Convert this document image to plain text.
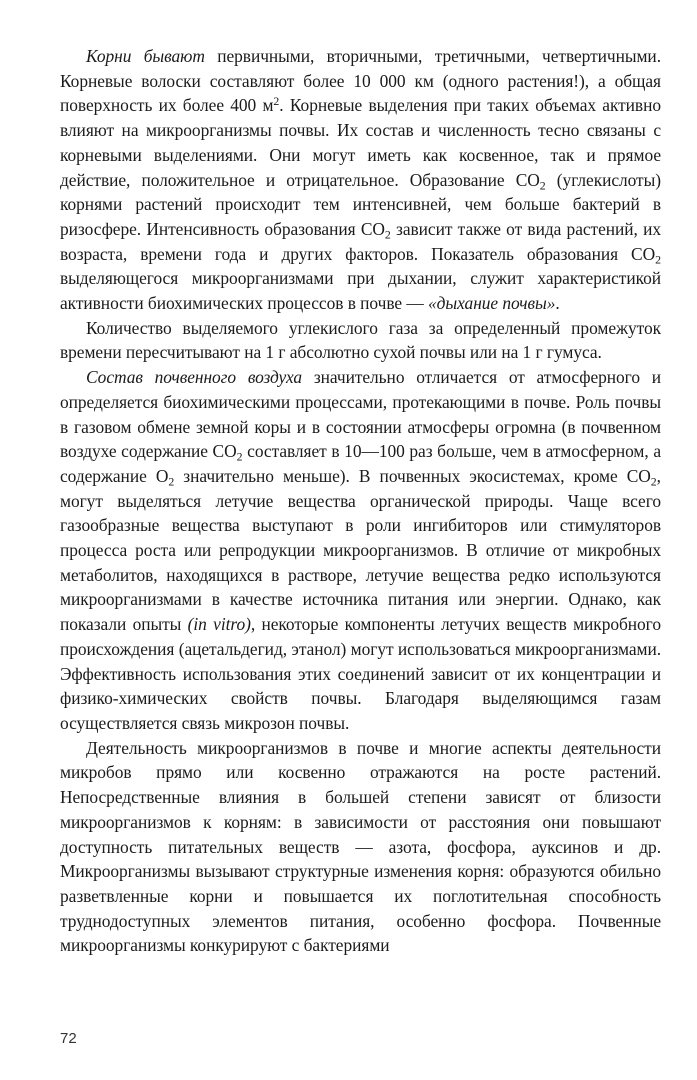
Корни бывают первичными, вторичными, третичными, четвертичными. Корневые волоски составляют более 10 000 км (одного растения!), а общая поверхность их более 400 $м^2$. Корневые выделения при таких объемах активно влияют на микроорганизмы почвы. Их состав и численность тесно связаны с корневыми выделениями. Они могут иметь как косвенное, так и прямое действие, положительное и отрицательное. Образование $CO_2$ (углекислоты) корнями растений происходит тем интенсивней, чем больше бактерий в ризосфере. Интенсивность образования $CO_2$ зависит также от вида растений, их возраста, времени года и других факторов. Показатель образования $CO_2$ выделяющегося микроорганизмами при дыхании, служит характеристикой активности биохимических процессов в почве — «дыхание почвы».

Количество выделяемого углекислого газа за определенный промежуток времени пересчитывают на 1 г абсолютно сухой почвы или на 1 г гумуса.

Состав почвенного воздуха значительно отличается от атмосферного и определяется биохимическими процессами, протекающими в почве. Роль почвы в газовом обмене земной коры и в состоянии атмосферы огромна (в почвенном воздухе содержание $CO_2$ составляет в 10—100 раз больше, чем в атмосферном, а содержание $O_2$ значительно меньше). В почвенных экосистемах, кроме $CO_2$, могут выделяться летучие вещества органической природы. Чаще всего газообразные вещества выступают в роли ингибиторов или стимуляторов процесса роста или репродукции микроорганизмов. В отличие от микробных метаболитов, находящихся в растворе, летучие вещества редко используются микроорганизмами в качестве источника питания или энергии. Однако, как показали опыты (in vitro), некоторые компоненты летучих веществ микробного происхождения (ацетальдегид, этанол) могут использоваться микроорганизмами. Эффективность использования этих соединений зависит от их концентрации и физико-химических свойств почвы. Благодаря выделяющимся газам осуществляется связь микрозон почвы.

Деятельность микроорганизмов в почве и многие аспекты деятельности микробов прямо или косвенно отражаются на росте растений. Непосредственные влияния в большей степени зависят от близости микроорганизмов к корням: в зависимости от расстояния они повышают доступность питательных веществ — азота, фосфора, ауксинов и др. Микроорганизмы вызывают структурные изменения корня: образуются обильно разветвленные корни и повышается их поглотительная способность труднодоступных элементов питания, особенно фосфора. Почвенные микроорганизмы конкурируют с бактериями

72
